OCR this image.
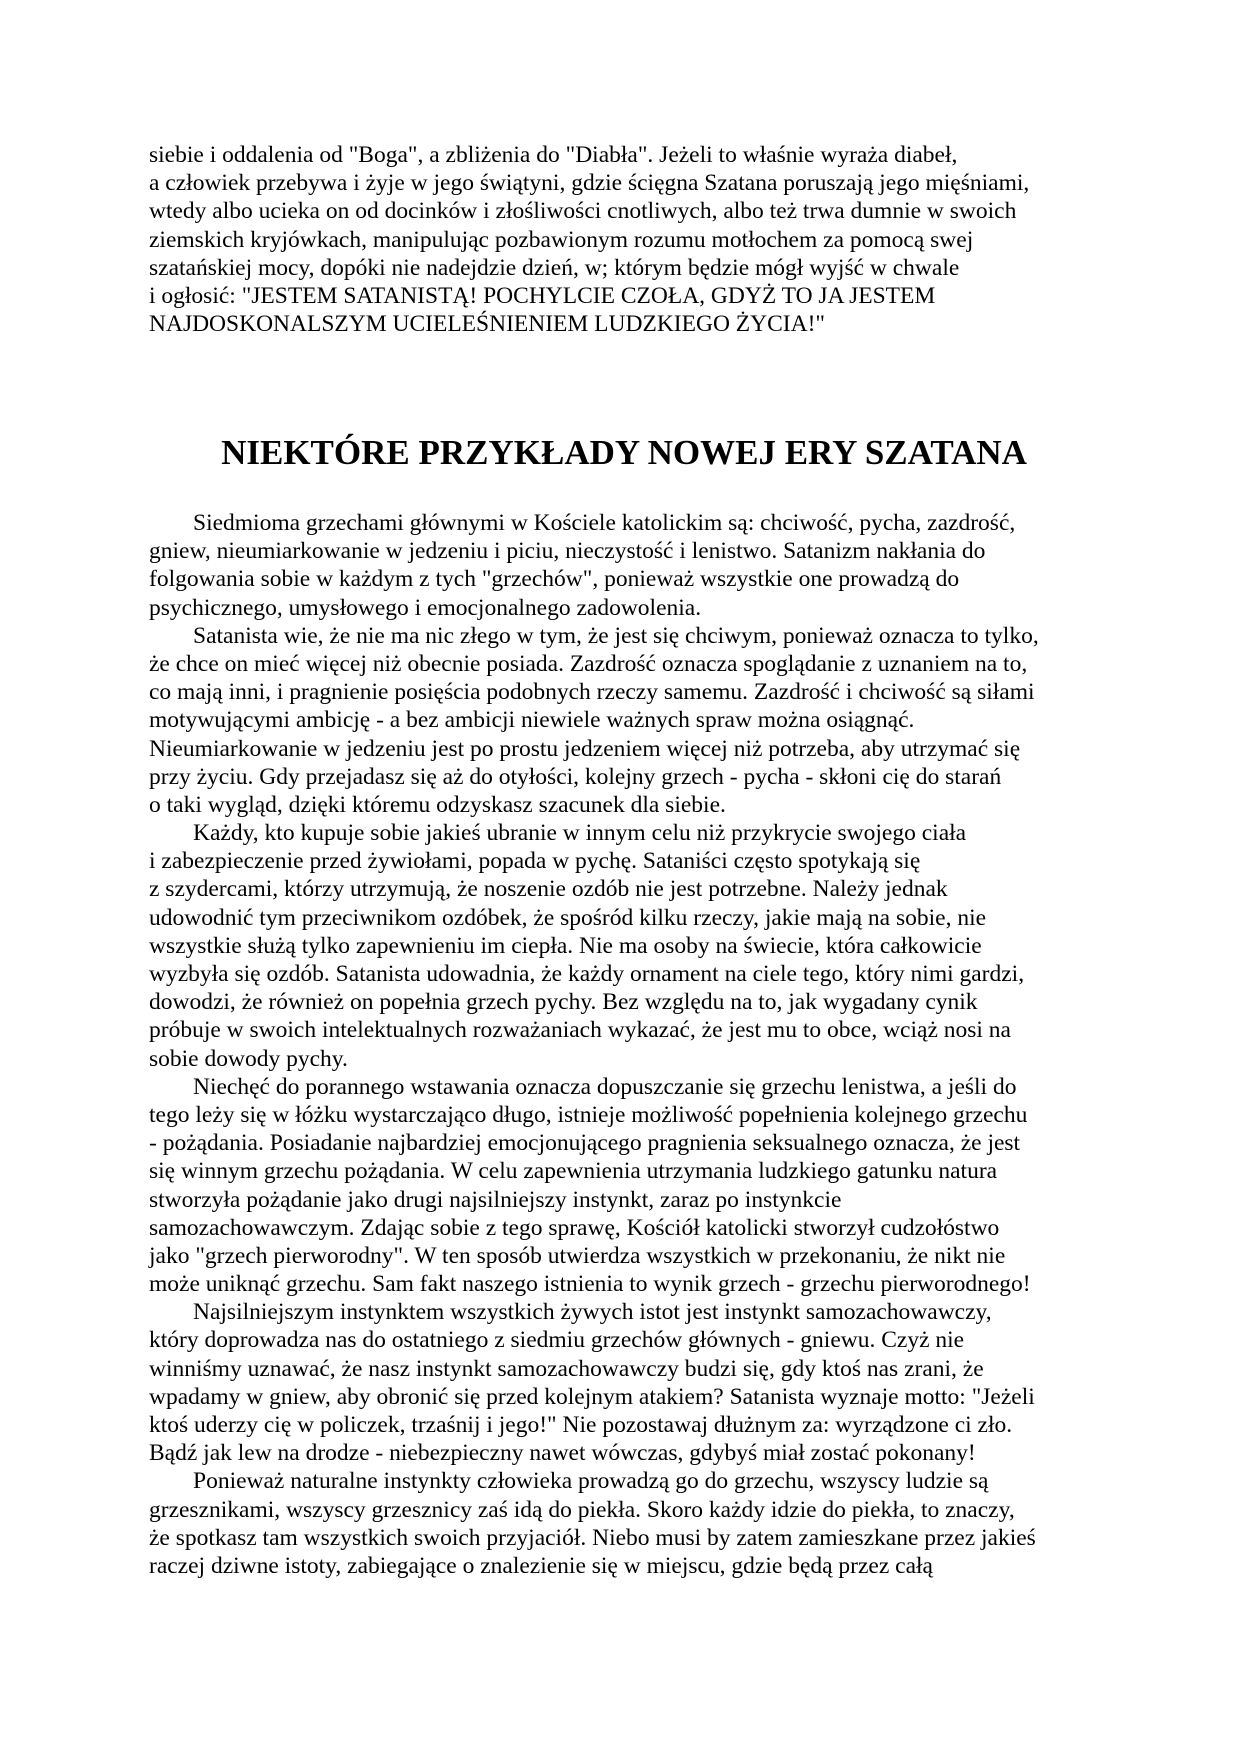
siebie i oddalenia od "Boga", a zbliżenia do "Diabła". Jeżeli to właśnie wyraża diabeł,
a człowiek przebywa i żyje w jego świątyni, gdzie ścięgna Szatana poruszają jego mięśniami,
wtedy albo ucieka on od docinków i złośliwości cnotliwych, albo też trwa dumnie w swoich
ziemskich kryjówkach, manipulując pozbawionym rozumu motłochem za pomocą swej
szatańskiej mocy, dopóki nie nadejdzie dzień, w; którym będzie mógł wyjść w chwale
i ogłosić: "JESTEM SATANISTĄ! POCHYLCIE CZOŁA, GDYŻ TO JA JESTEM
NAJDOSKONALSZYM UCIELEŚNIENIEM LUDZKIEGO ŻYCIA!"
NIEKTÓRE PRZYKŁADY NOWEJ ERY SZATANA
Siedmioma grzechami głównymi w Kościele katolickim są: chciwość, pycha, zazdrość,
gniew, nieumiarkowanie w jedzeniu i piciu, nieczystość i lenistwo. Satanizm nakłania do
folgowania sobie w każdym z tych "grzechów", ponieważ wszystkie one prowadzą do
psychicznego, umysłowego i emocjonalnego zadowolenia.
Satanista wie, że nie ma nic złego w tym, że jest się chciwym, ponieważ oznacza to tylko,
że chce on mieć więcej niż obecnie posiada. Zazdrość oznacza spoglądanie z uznaniem na to,
co mają inni, i pragnienie posięścia podobnych rzeczy samemu. Zazdrość i chciwość są siłami
motywującymi ambicję - a bez ambicji niewiele ważnych spraw można osiągnąć.
Nieumiarkowanie w jedzeniu jest po prostu jedzeniem więcej niż potrzeba, aby utrzymać się
przy życiu. Gdy przejadasz się aż do otyłości, kolejny grzech - pycha - skłoni cię do starań
o taki wygląd, dzięki któremu odzyskasz szacunek dla siebie.
Każdy, kto kupuje sobie jakieś ubranie w innym celu niż przykrycie swojego ciała
i zabezpieczenie przed żywiołami, popada w pychę. Sataniści często spotykają się
z szydercami, którzy utrzymują, że noszenie ozdób nie jest potrzebne. Należy jednak
udowodnić tym przeciwnikom ozdóbek, że spośród kilku rzeczy, jakie mają na sobie, nie
wszystkie służą tylko zapewnieniu im ciepła. Nie ma osoby na świecie, która całkowicie
wyzbyła się ozdób. Satanista udowadnia, że każdy ornament na ciele tego, który nimi gardzi,
dowodzi, że również on popełnia grzech pychy. Bez względu na to, jak wygadany cynik
próbuje w swoich intelektualnych rozważaniach wykazać, że jest mu to obce, wciąż nosi na
sobie dowody pychy.
Niechęć do porannego wstawania oznacza dopuszczanie się grzechu lenistwa, a jeśli do
tego leży się w łóżku wystarczająco długo, istnieje możliwość popełnienia kolejnego grzechu
- pożądania. Posiadanie najbardziej emocjonującego pragnienia seksualnego oznacza, że jest
się winnym grzechu pożądania. W celu zapewnienia utrzymania ludzkiego gatunku natura
stworzyła pożądanie jako drugi najsilniejszy instynkt, zaraz po instynkcie
samozachowawczym. Zdając sobie z tego sprawę, Kościół katolicki stworzył cudzołóstwo
jako "grzech pierworodny". W ten sposób utwierdza wszystkich w przekonaniu, że nikt nie
może uniknąć grzechu. Sam fakt naszego istnienia to wynik grzech - grzechu pierworodnego!
Najsilniejszym instynktem wszystkich żywych istot jest instynkt samozachowawczy,
który doprowadza nas do ostatniego z siedmiu grzechów głównych - gniewu. Czyż nie
winniśmy uznawać, że nasz instynkt samozachowawczy budzi się, gdy ktoś nas zrani, że
wpadamy w gniew, aby obronić się przed kolejnym atakiem? Satanista wyznaje motto: "Jeżeli
ktoś uderzy cię w policzek, trzaśnij i jego!" Nie pozostawaj dłużnym za: wyrządzone ci zło.
Bądź jak lew na drodze - niebezpieczny nawet wówczas, gdybyś miał zostać pokonany!
Ponieważ naturalne instynkty człowieka prowadzą go do grzechu, wszyscy ludzie są
grzesznikami, wszyscy grzesznicy zaś idą do piekła. Skoro każdy idzie do piekła, to znaczy,
że spotkasz tam wszystkich swoich przyjaciół. Niebo musi by zatem zamieszkane przez jakieś
raczej dziwne istoty, zabiegające o znalezienie się w miejscu, gdzie będą przez całą
